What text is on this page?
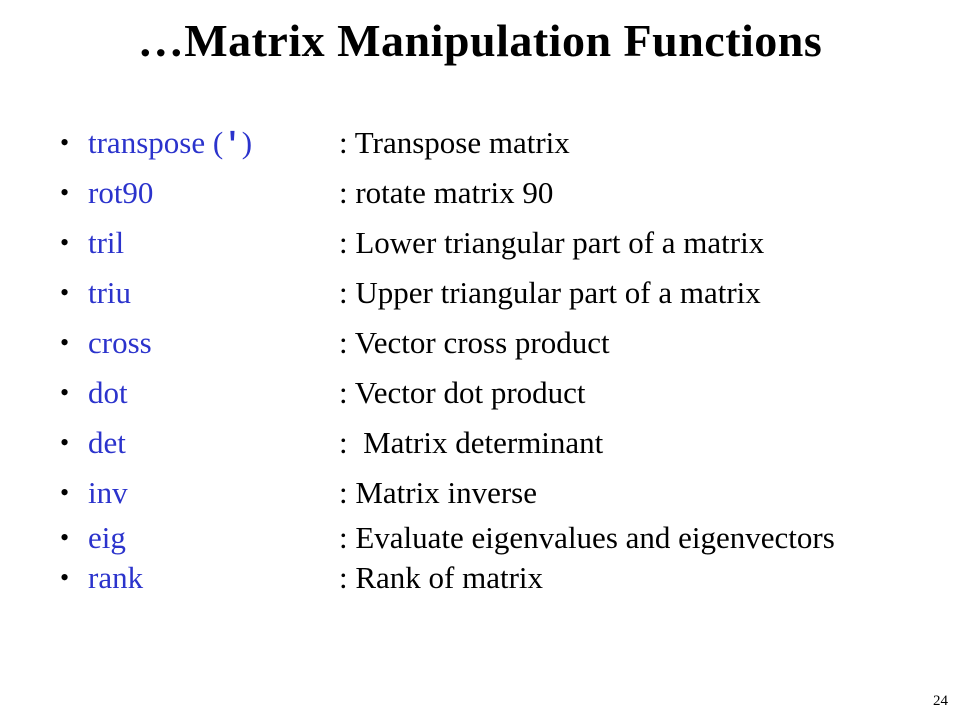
…Matrix Manipulation Functions
• transpose (′)	: Transpose matrix
• rot90	: rotate matrix 90
• tril	: Lower triangular part of a matrix
• triu	: Upper triangular part of a matrix
• cross	: Vector cross product
• dot	: Vector dot product
• det	:  Matrix determinant
• inv	: Matrix inverse
• eig	: Evaluate eigenvalues and eigenvectors
• rank	: Rank of matrix
24
